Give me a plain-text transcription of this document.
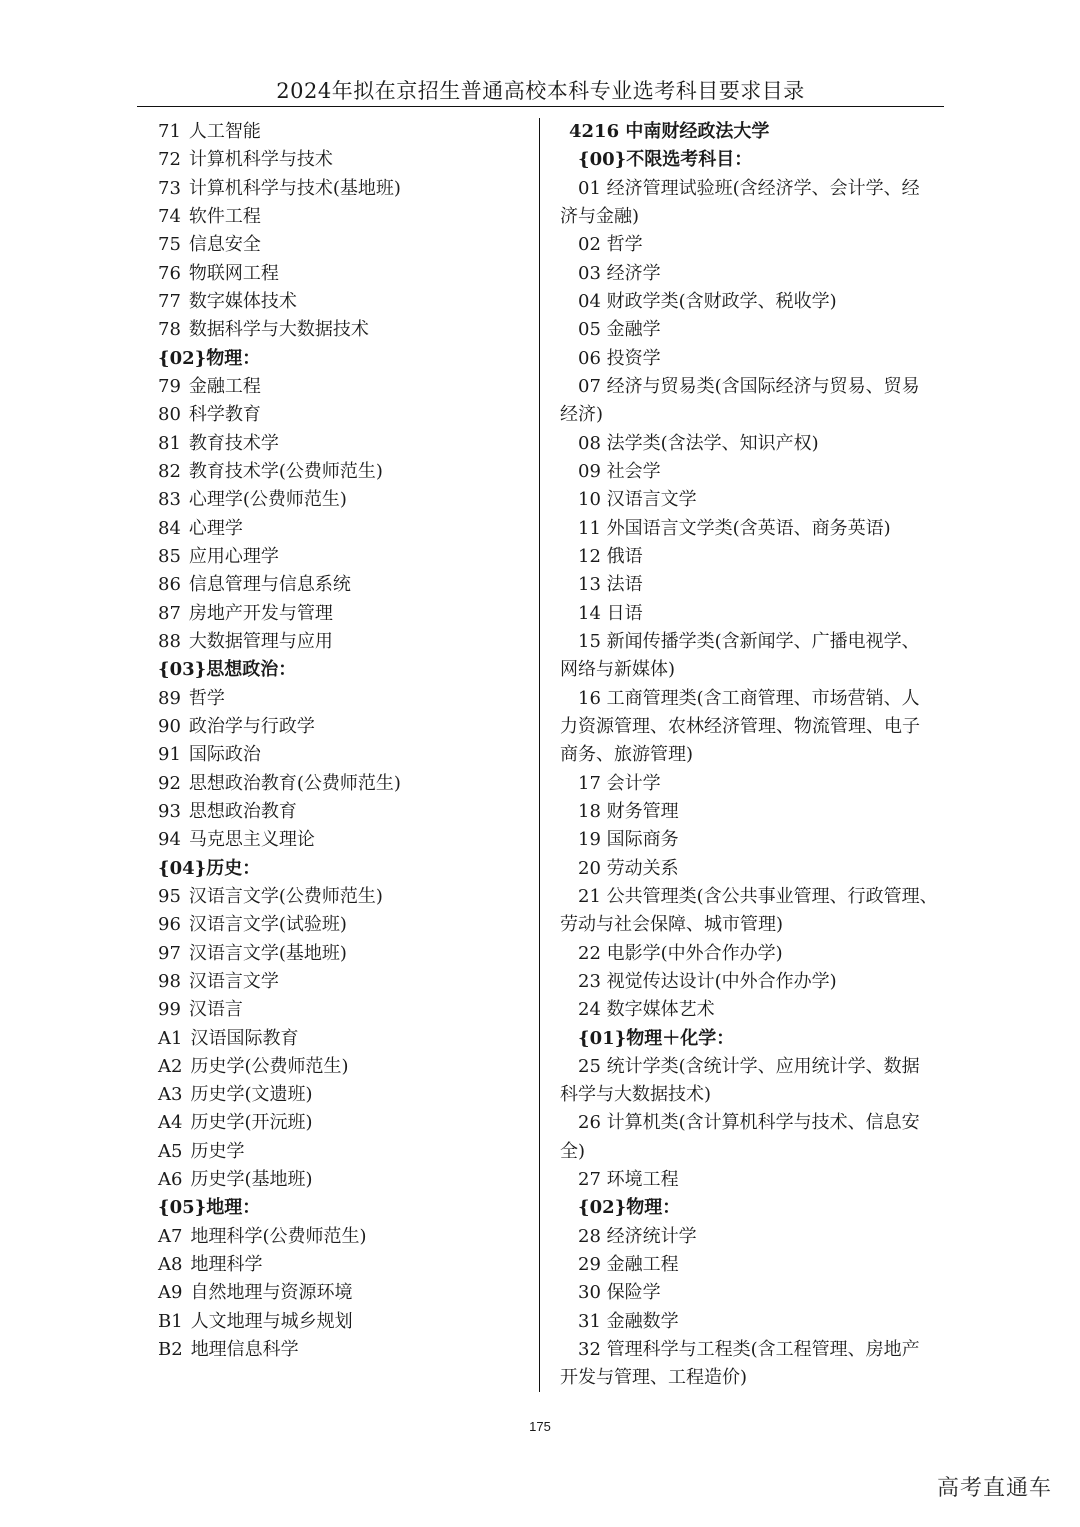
2024年拟在京招生普通高校本科专业选考科目要求目录
71 人工智能
72 计算机科学与技术
73 计算机科学与技术(基地班)
74 软件工程
75 信息安全
76 物联网工程
77 数字媒体技术
78 数据科学与大数据技术
{02}物理：
79 金融工程
80 科学教育
81 教育技术学
82 教育技术学(公费师范生)
83 心理学(公费师范生)
84 心理学
85 应用心理学
86 信息管理与信息系统
87 房地产开发与管理
88 大数据管理与应用
{03}思想政治：
89 哲学
90 政治学与行政学
91 国际政治
92 思想政治教育(公费师范生)
93 思想政治教育
94 马克思主义理论
{04}历史：
95 汉语言文学(公费师范生)
96 汉语言文学(试验班)
97 汉语言文学(基地班)
98 汉语言文学
99 汉语言
A1 汉语国际教育
A2 历史学(公费师范生)
A3 历史学(文遗班)
A4 历史学(开沅班)
A5 历史学
A6 历史学(基地班)
{05}地理：
A7 地理科学(公费师范生)
A8 地理科学
A9 自然地理与资源环境
B1 人文地理与城乡规划
B2 地理信息科学
4216 中南财经政法大学
{00}不限选考科目：
01 经济管理试验班(含经济学、会计学、经
济与金融)
02 哲学
03 经济学
04 财政学类(含财政学、税收学)
05 金融学
06 投资学
07 经济与贸易类(含国际经济与贸易、贸易
经济)
08 法学类(含法学、知识产权)
09 社会学
10 汉语言文学
11 外国语言文学类(含英语、商务英语)
12 俄语
13 法语
14 日语
15 新闻传播学类(含新闻学、广播电视学、
网络与新媒体)
16 工商管理类(含工商管理、市场营销、人
力资源管理、农林经济管理、物流管理、电子
商务、旅游管理)
17 会计学
18 财务管理
19 国际商务
20 劳动关系
21 公共管理类(含公共事业管理、行政管理、
劳动与社会保障、城市管理)
22 电影学(中外合作办学)
23 视觉传达设计(中外合作办学)
24 数字媒体艺术
{01}物理＋化学：
25 统计学类(含统计学、应用统计学、数据
科学与大数据技术)
26 计算机类(含计算机科学与技术、信息安
全)
27 环境工程
{02}物理：
28 经济统计学
29 金融工程
30 保险学
31 金融数学
32 管理科学与工程类(含工程管理、房地产
开发与管理、工程造价)
175
高考直通车
